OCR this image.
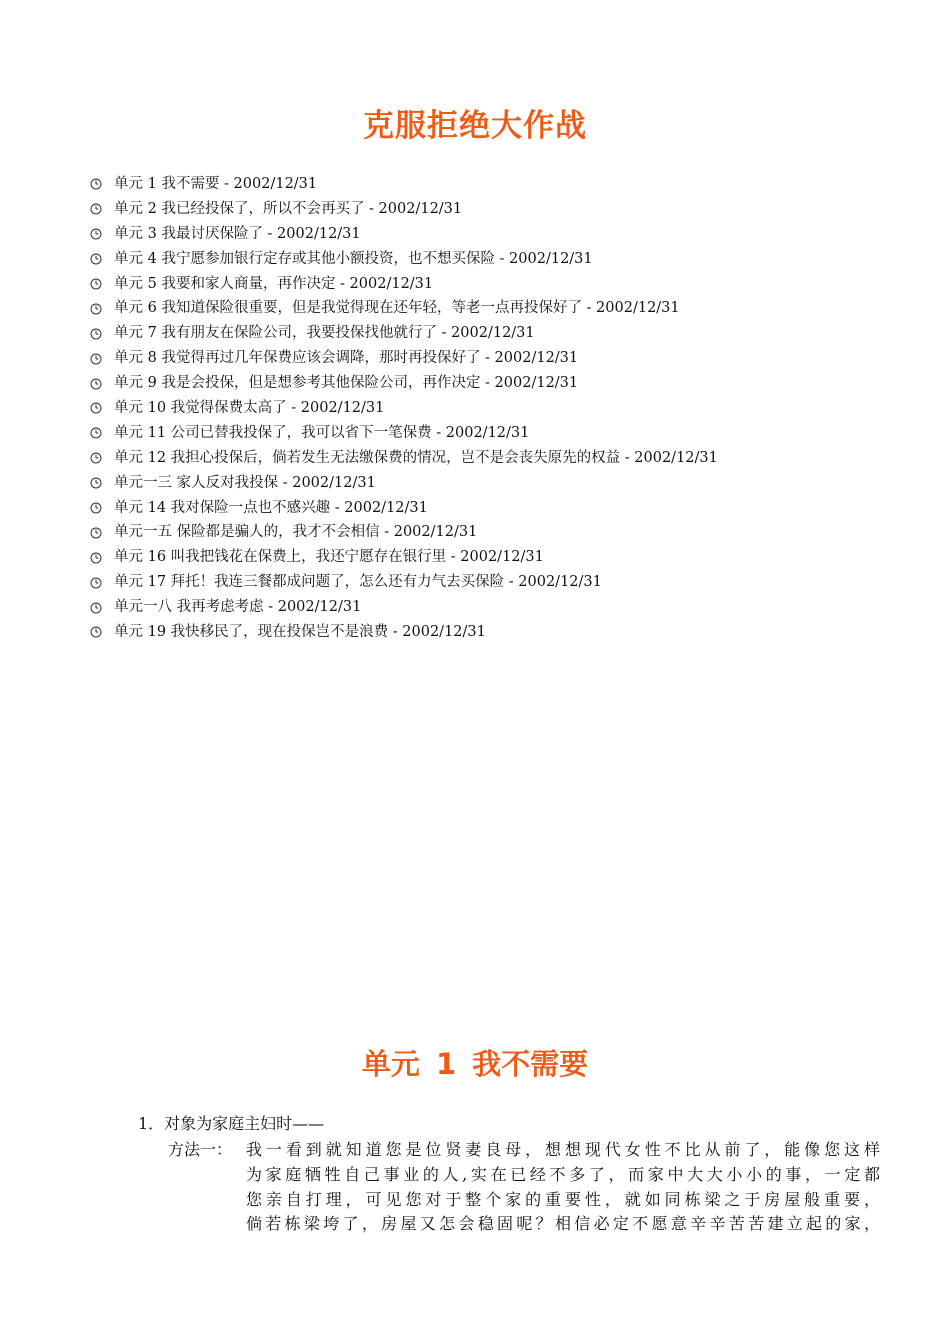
克服拒绝大作战
单元 1 我不需要 - 2002/12/31
单元 2 我已经投保了，所以不会再买了 - 2002/12/31
单元 3 我最讨厌保险了 - 2002/12/31
单元 4 我宁愿参加银行定存或其他小额投资，也不想买保险 - 2002/12/31
单元 5 我要和家人商量，再作决定 - 2002/12/31
单元 6 我知道保险很重要，但是我觉得现在还年轻，等老一点再投保好了 - 2002/12/31
单元 7 我有朋友在保险公司，我要投保找他就行了 - 2002/12/31
单元 8 我觉得再过几年保费应该会调降，那时再投保好了 - 2002/12/31
单元 9 我是会投保，但是想参考其他保险公司，再作决定 - 2002/12/31
单元 10 我觉得保费太高了 - 2002/12/31
单元 11 公司已替我投保了，我可以省下一笔保费 - 2002/12/31
单元 12 我担心投保后，倘若发生无法缴保费的情况，岂不是会丧失原先的权益 - 2002/12/31
单元一三 家人反对我投保 - 2002/12/31
单元 14 我对保险一点也不感兴趣 - 2002/12/31
单元一五 保险都是骗人的，我才不会相信 - 2002/12/31
单元 16 叫我把钱花在保费上，我还宁愿存在银行里 - 2002/12/31
单元 17 拜托！我连三餐都成问题了，怎么还有力气去买保险 - 2002/12/31
单元一八 我再考虑考虑 - 2002/12/31
单元 19 我快移民了，现在投保岂不是浪费 - 2002/12/31
单元 1 我不需要

1．对象为家庭主妇时——

方法一： 我一看到就知道您是位贤妻良母，想想现代女性不比从前了，能像您这样
为家庭牺牲自己事业的人,实在已经不多了，而家中大大小小的事，一定都
您亲自打理，可见您对于整个家的重要性，就如同栋梁之于房屋般重要，
倘若栋梁垮了，房屋又怎会稳固呢？相信必定不愿意辛辛苦苦建立起的家，
